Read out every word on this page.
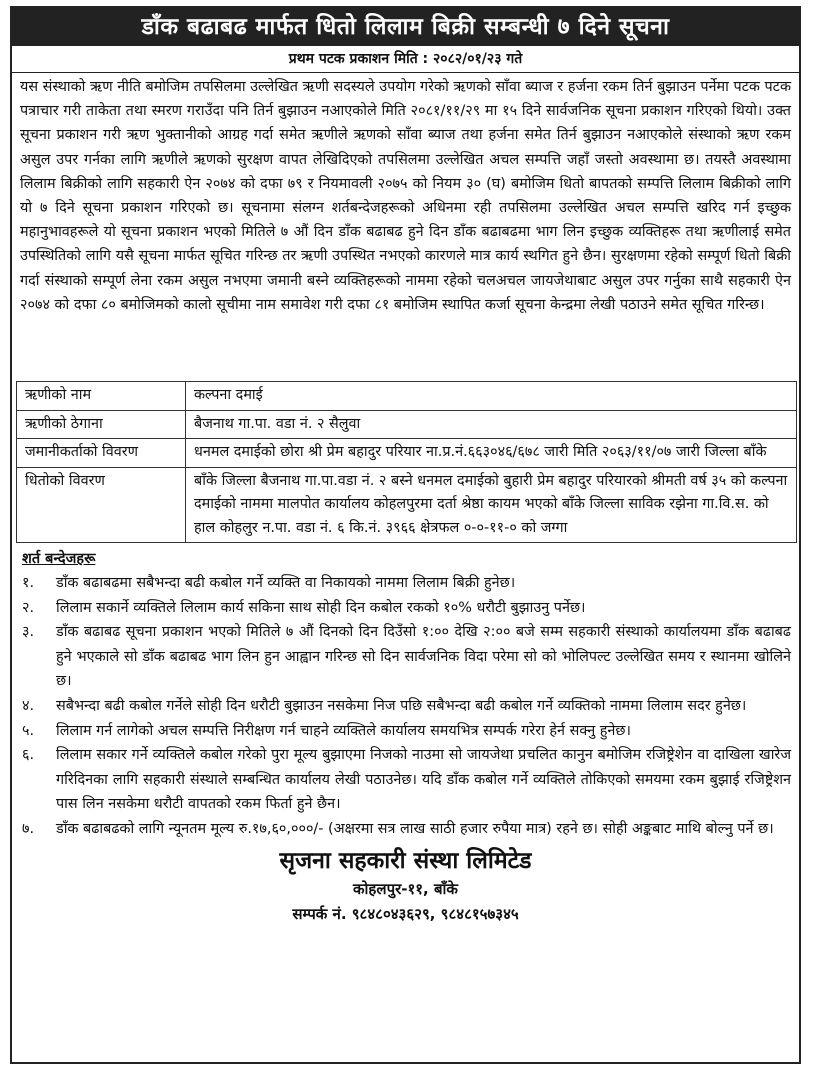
डाँक बढाबढ मार्फत धितो लिलाम बिक्री सम्बन्धी ७ दिने सूचना
प्रथम पटक प्रकाशन मिति : २०८२/०१/२३ गते
यस संस्थाको ऋण नीति बमोजिम तपसिलमा उल्लेखित ऋणी सदस्यले उपयोग गरेको ऋणको साँवा ब्याज र हर्जना रकम तिर्न बुझाउन पर्नेमा पटक पटक पत्राचार गरी ताकेता तथा स्मरण गराउँदा पनि तिर्न बुझाउन नआएकोले मिति २०८१/११/२९ मा १५ दिने सार्वजनिक सूचना प्रकाशन गरिएको थियो। उक्त सूचना प्रकाशन गरी ऋण भुक्तानीको आग्रह गर्दा समेत ऋणीले ऋणको साँवा ब्याज तथा हर्जना समेत तिर्न बुझाउन नआएकोले संस्थाको ऋण रकम असुल उपर गर्नका लागि ऋणीले ऋणको सुरक्षण वापत लेखिदिएको तपसिलमा उल्लेखित अचल सम्पत्ति जहाँ जस्तो अवस्थामा छ। तयस्तै अवस्थामा लिलाम बिक्रीको लागि सहकारी ऐन २०७४ को दफा ७९ र नियमावली २०७५ को नियम ३० (घ) बमोजिम धितो बापतको सम्पत्ति लिलाम बिक्रीको लागि यो ७ दिने सूचना प्रकाशन गरिएको छ। सूचनामा संलग्न शर्तबन्देजहरूको अधिनमा रही तपसिलमा उल्लेखित अचल सम्पत्ति खरिद गर्न इच्छुक महानुभावहरूले यो सूचना प्रकाशन भएको मितिले ७ औं दिन डाँक बढाबढ हुने दिन डाँक बढाबढमा भाग लिन इच्छुक व्यक्तिहरू तथा ऋणीलाई समेत उपस्थितिको लागि यसै सूचना मार्फत सूचित गरिन्छ तर ऋणी उपस्थित नभएको कारणले मात्र कार्य स्थगित हुने छैन। सुरक्षणमा रहेको सम्पूर्ण धितो बिक्री गर्दा संस्थाको सम्पूर्ण लेना रकम असुल नभएमा जमानी बस्ने व्यक्तिहरूको नाममा रहेको चलअचल जायजेथाबाट असुल उपर गर्नुका साथै सहकारी ऐन २०७४ को दफा ८० बमोजिमको कालो सूचीमा नाम समावेश गरी दफा ८१ बमोजिम स्थापित कर्जा सूचना केन्द्रमा लेखी पठाउने समेत सूचित गरिन्छ।
ऋणीको नाम	कल्पना दमाई
ऋणीको ठेगाना	बैजनाथ गा.पा. वडा नं. २ सैलुवा
जमानीकर्ताको विवरण	धनमल दमाईको छोरा श्री प्रेम बहादुर परियार ना.प्र.नं.६६३०४६/६७८ जारी मिति २०६३/११/०७ जारी जिल्ला बाँके
धितोको विवरण	बाँके जिल्ला बैजनाथ गा.पा.वडा नं. २ बस्ने धनमल दमाईको बुहारी प्रेम बहादुर परियारको श्रीमती वर्ष ३५ को कल्पना दमाईको नाममा मालपोत कार्यालय कोहलपुरमा दर्ता श्रेष्ठा कायम भएको बाँके जिल्ला साविक रझेना गा.वि.स. को हाल कोहलुर न.पा. वडा नं. ६ कि.नं. ३९६६ क्षेत्रफल ०-०-११-० को जग्गा
शर्त बन्देजहरू
१.	डाँक बढाबढमा सबैभन्दा बढी कबोल गर्ने व्यक्ति वा निकायको नाममा लिलाम बिक्री हुनेछ।
२.	लिलाम सकार्ने व्यक्तिले लिलाम कार्य सकिना साथ सोही दिन कबोल रकको १०% धरौटी बुझाउनु पर्नेछ।
३.	डाँक बढाबढ सूचना प्रकाशन भएको मितिले ७ औं दिनको दिन दिउँसो १:०० देखि २:०० बजे सम्म सहकारी संस्थाको कार्यालयमा डाँक बढाबढ हुने भएकाले सो डाँक बढाबढ भाग लिन हुन आह्वान गरिन्छ सो दिन सार्वजनिक विदा परेमा सो को भोलिपल्ट उल्लेखित समय र स्थानमा खोलिने छ।
४.	सबैभन्दा बढी कबोल गर्नेले सोही दिन धरौटी बुझाउन नसकेमा निज पछि सबैभन्दा बढी कबोल गर्ने व्यक्तिको नाममा लिलाम सदर हुनेछ।
५.	लिलाम गर्न लागेको अचल सम्पत्ति निरीक्षण गर्न चाहने व्यक्तिले कार्यालय समयभित्र सम्पर्क गरेरा हेर्न सक्नु हुनेछ।
६.	लिलाम सकार गर्ने व्यक्तिले कबोल गरेको पुरा मूल्य बुझाएमा निजको नाउमा सो जायजेथा प्रचलित कानुन बमोजिम रजिष्ट्रेशेन वा दाखिला खारेज गरिदिनका लागि सहकारी संस्थाले सम्बन्धित कार्यालय लेखी पठाउनेछ। यदि डाँक कबोल गर्ने व्यक्तिले तोकिएको समयमा रकम बुझाई रजिष्ट्रेशन पास लिन नसकेमा धरौटी वापतको रकम फिर्ता हुने छैन।
७.	डाँक बढाबढको लागि न्यूनतम मूल्य रु.१७,६०,०००/- (अक्षरमा सत्र लाख साठी हजार रुपैया मात्र) रहने छ। सोही अङ्कबाट माथि बोल्नु पर्ने छ।
सृजना सहकारी संस्था लिमिटेड
कोहलपुर-११, बाँके
सम्पर्क नं. ९८४८०४३६२९, ९८४८१५७३४५
